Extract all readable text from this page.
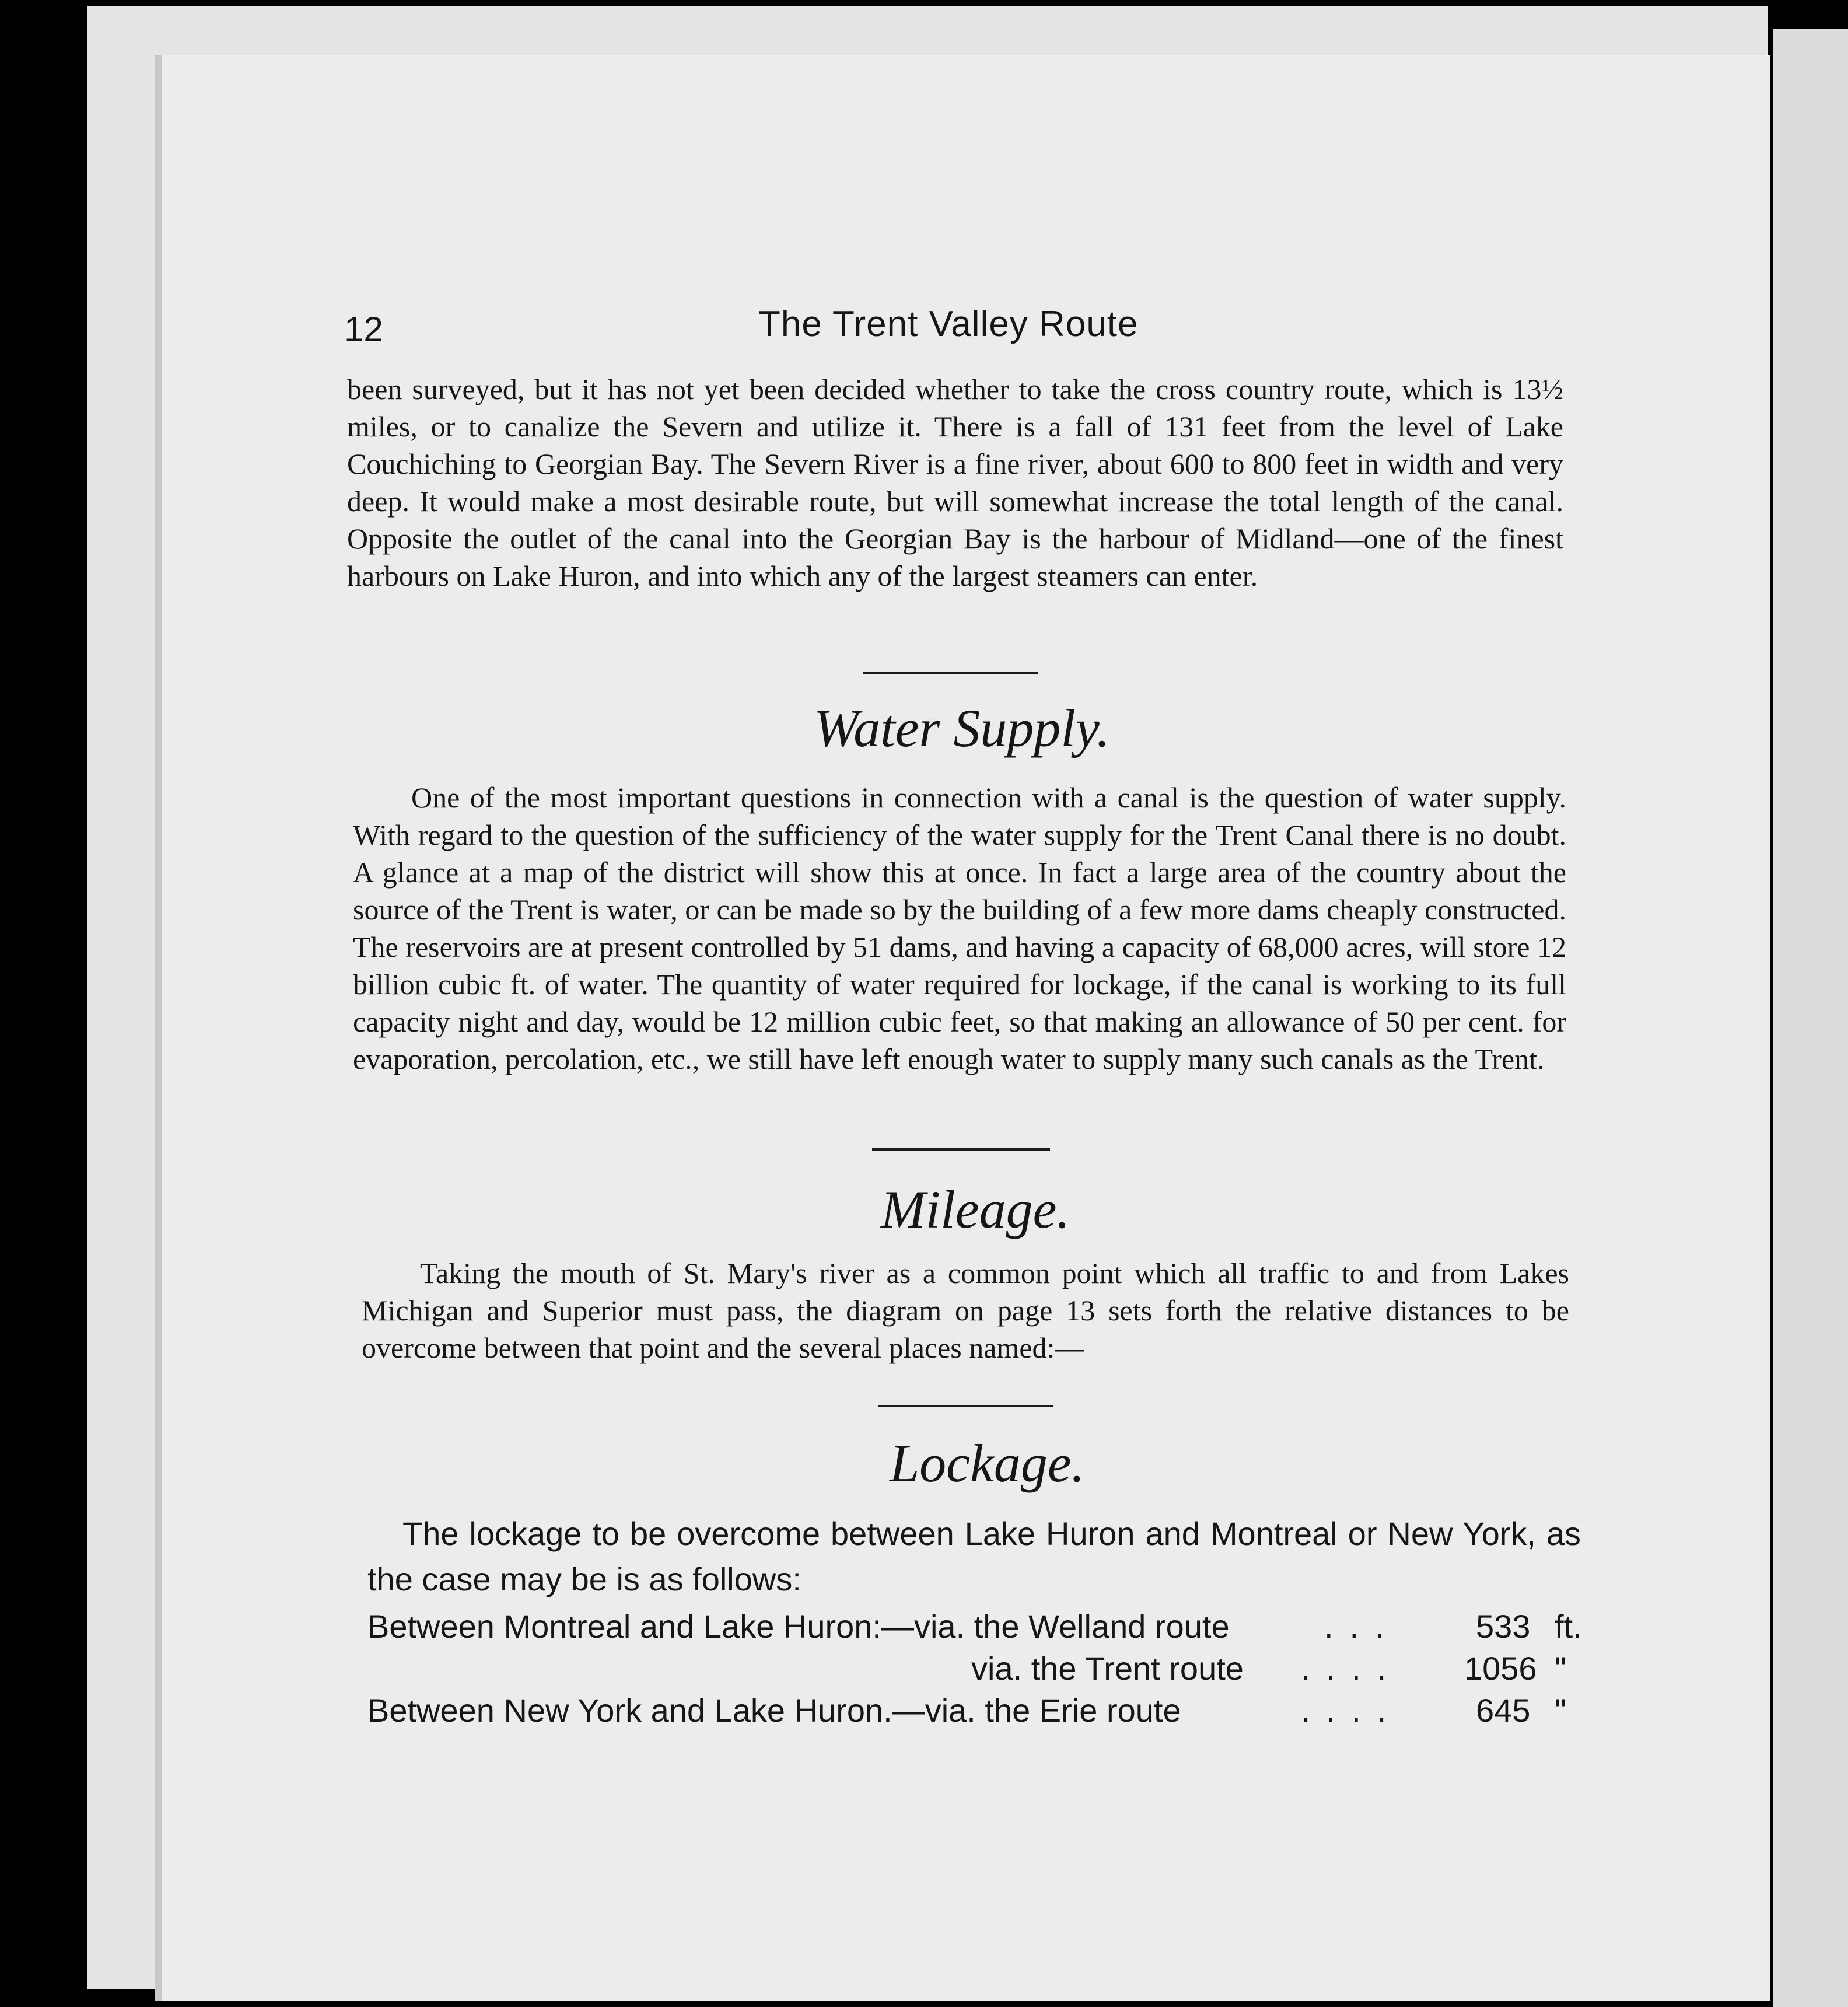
12	The Trent Valley Route

been surveyed, but it has not yet been decided whether to take the cross country route, which is 13½ miles, or to canalize the Severn and utilize it. There is a fall of 131 feet from the level of Lake Couchiching to Georgian Bay. The Severn River is a fine river, about 600 to 800 feet in width and very deep. It would make a most desirable route, but will somewhat increase the total length of the canal. Opposite the outlet of the canal into the Georgian Bay is the harbour of Midland—one of the finest harbours on Lake Huron, and into which any of the largest steamers can enter.

Water Supply.

One of the most important questions in connection with a canal is the question of water supply. With regard to the question of the sufficiency of the water supply for the Trent Canal there is no doubt. A glance at a map of the district will show this at once. In fact a large area of the country about the source of the Trent is water, or can be made so by the building of a few more dams cheaply constructed. The reservoirs are at present controlled by 51 dams, and having a capacity of 68,000 acres, will store 12 billion cubic ft. of water. The quantity of water required for lockage, if the canal is working to its full capacity night and day, would be 12 million cubic feet, so that making an allowance of 50 per cent. for evaporation, percolation, etc., we still have left enough water to supply many such canals as the Trent.

Mileage.

Taking the mouth of St. Mary's river as a common point which all traffic to and from Lakes Michigan and Superior must pass, the diagram on page 13 sets forth the relative distances to be overcome between that point and the several places named:—

Lockage.

The lockage to be overcome between Lake Huron and Montreal or New York, as the case may be is as follows:

Between Montreal and Lake Huron:—via. the Welland route	... 533 ft.
via. the Trent route .... 1056 "
Between New York and Lake Huron.—via. the Erie route	.... 645 "
